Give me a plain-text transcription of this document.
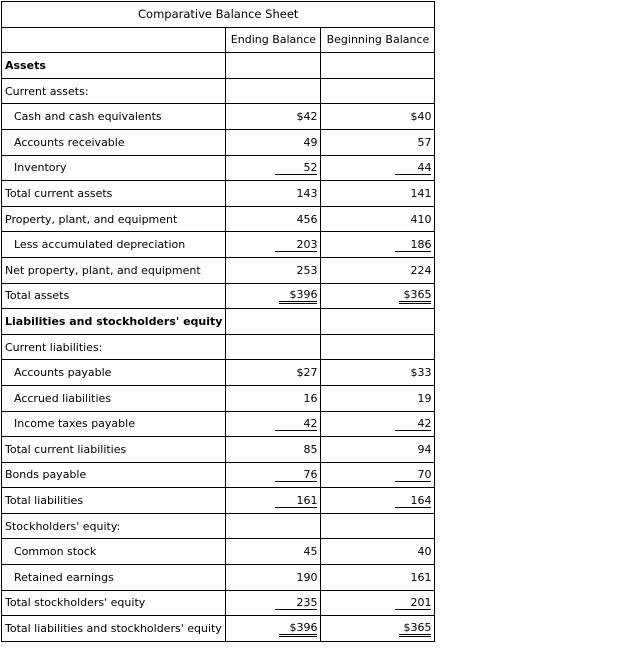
Comparative Balance Sheet		
	Ending Balance	Beginning Balance
Assets		
Current assets:		
Cash and cash equivalents	$42	$40
Accounts receivable	49	57
Inventory	52	44
Total current assets	143	141
Property, plant, and equipment	456	410
Less accumulated depreciation	203	186
Net property, plant, and equipment	253	224
Total assets	$396	$365
Liabilities and stockholders' equity		
Current liabilities:		
Accounts payable	$27	$33
Accrued liabilities	16	19
Income taxes payable	42	42
Total current liabilities	85	94
Bonds payable	76	70
Total liabilities	161	164
Stockholders' equity:		
Common stock	45	40
Retained earnings	190	161
Total stockholders' equity	235	201
Total liabilities and stockholders' equity	$396	$365
